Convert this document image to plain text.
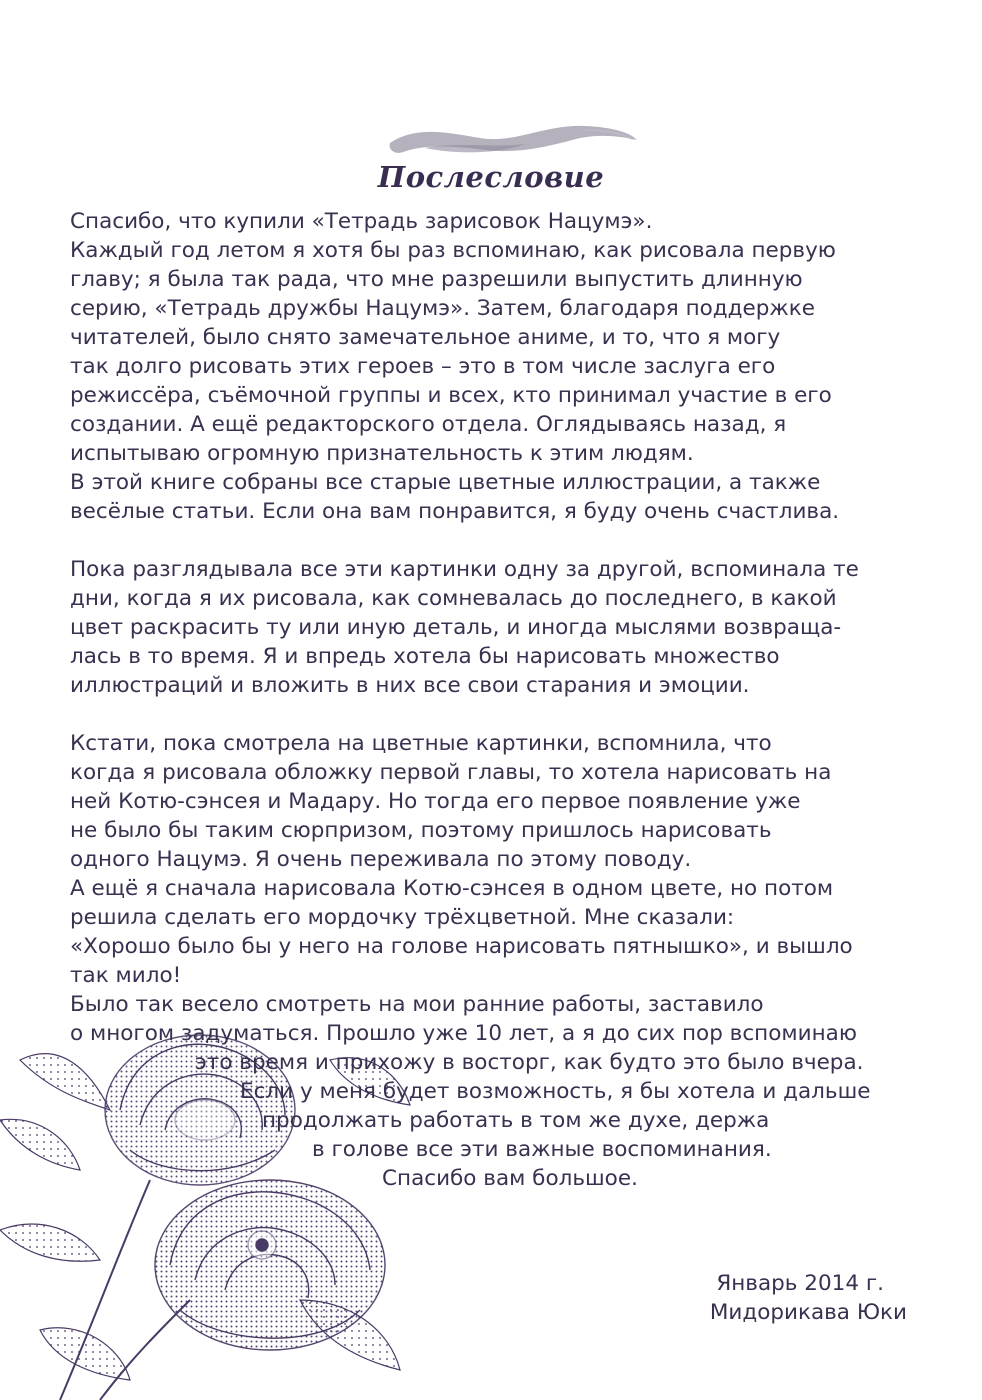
Послесловие
Спасибо, что купили «Тетрадь зарисовок Нацумэ».
Каждый год летом я хотя бы раз вспоминаю, как рисовала первую
главу; я была так рада, что мне разрешили выпустить длинную
серию, «Тетрадь дружбы Нацумэ». Затем, благодаря поддержке
читателей, было снято замечательное аниме, и то, что я могу
так долго рисовать этих героев – это в том числе заслуга его
режиссёра, съёмочной группы и всех, кто принимал участие в его
создании. А ещё редакторского отдела. Оглядываясь назад, я
испытываю огромную признательность к этим людям.
В этой книге собраны все старые цветные иллюстрации, а также
весёлые статьи. Если она вам понравится, я буду очень счастлива.
Пока разглядывала все эти картинки одну за другой, вспоминала те
дни, когда я их рисовала, как сомневалась до последнего, в какой
цвет раскрасить ту или иную деталь, и иногда мыслями возвраща-
лась в то время. Я и впредь хотела бы нарисовать множество
иллюстраций и вложить в них все свои старания и эмоции.
Кстати, пока смотрела на цветные картинки, вспомнила, что
когда я рисовала обложку первой главы, то хотела нарисовать на
ней Котю-сэнсея и Мадару. Но тогда его первое появление уже
не было бы таким сюрпризом, поэтому пришлось нарисовать
одного Нацумэ. Я очень переживала по этому поводу.
А ещё я сначала нарисовала Котю-сэнсея в одном цвете, но потом
решила сделать его мордочку трёхцветной. Мне сказали:
«Хорошо было бы у него на голове нарисовать пятнышко», и вышло
так мило!
Было так весело смотреть на мои ранние работы, заставило
о многом задуматься. Прошло уже 10 лет, а я до сих пор вспоминаю
это время и прихожу в восторг, как будто это было вчера.
Если у меня будет возможность, я бы хотела и дальше
продолжать работать в том же духе, держа
в голове все эти важные воспоминания.
Спасибо вам большое.
Январь 2014 г.
Мидорикава Юки
